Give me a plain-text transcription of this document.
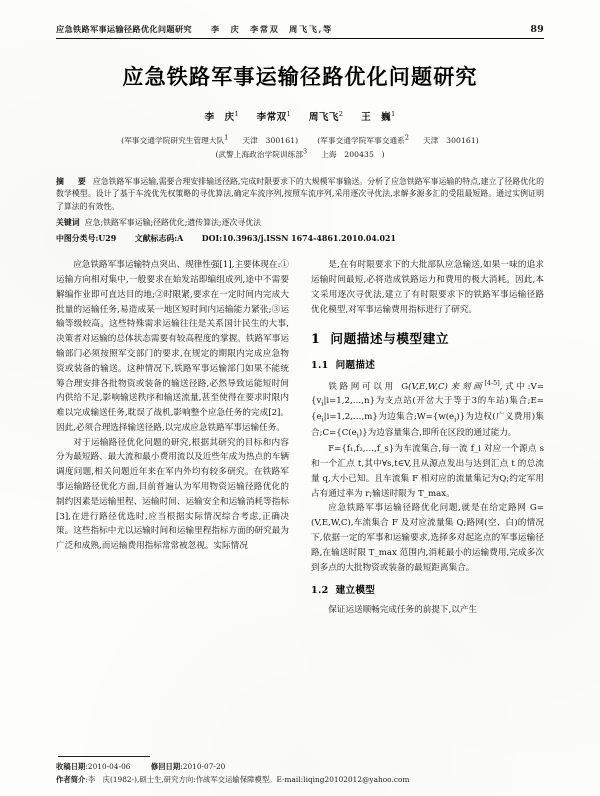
应急铁路军事运输径路优化问题研究 李　庆　李常双　周飞飞,等	89
应急铁路军事运输径路优化问题研究
李　庆$^1$ 李常双$^1$ 周飞飞$^2$ 王　巍$^1$
(军事交通学院研究生管理大队$^1$ 天津　300161)	(军事交通学院军事交通系$^2$ 天津　300161)
(武警上海政治学院训练部$^3$ 上海　200435　)
摘　要 应急铁路军事运输,需要合理安排输送径路,完成时限要求下的大规模军事输送。分析了应急铁路军事运输的特点,建立了径路优化的数学模型。设计了基于车流优先权策略的寻优算法,确定车流序列,按照车流序列,采用逐次寻优法,求解多源多汇的受阻最短路。通过实例证明了算法的有效性。
关键词 应急;铁路军事运输;径路优化;遗传算法;逐次寻优法
中图分类号:U29 文献标志码:A DOI:10.3963/j.ISSN 1674-4861.2010.04.021

应急铁路军事运输特点突出、规律性强[1],主要体现在:①运输方向相对集中,一般要求在始发站即编组成列,途中不需要解编作业即可直达目的地;②时限紧,要求在一定时间内完成大批量的运输任务,易造成某一地区短时间内运输能力紧张;③运输等级较高。这些特殊需求运输往往是关系国计民生的大事,决策者对运输的总体状态需要有较高程度的掌握。铁路军事运输部门必须按照军交部门的要求,在规定的期限内完成应急物资或装备的输送。这种情况下,铁路军事运输部门如果不能统筹合理安排各批物资或装备的输送径路,必然导致运能短时间内供给不足,影响输送秩序和输送流量,甚至使得在要求时限内难以完成输送任务,耽误了战机,影响整个应急任务的完成[2]。因此,必须合理选择输送径路,以完成应急铁路军事运输任务。

对于运输路径优化问题的研究,根据其研究的目标和内容分为最短路、最大流和最小费用流以及近些年成为热点的车辆调度问题,相关问题近年来在军内外均有较多研究。在铁路军事运输路径优化方面,目前普遍认为军用物资运输径路优化的制约因素是运输里程、运输时间、运输安全和运输消耗等指标[3],在进行路径优选时,应当根据实际情况综合考虑,正确决策。这些指标中尤以运输时间和运输里程指标方面的研究最为广泛和成熟,而运输费用指标常常被忽视。实际情况

是,在有时限要求下的大批部队应急输送,如果一味的追求运输时间最短,必将造成铁路运力和费用的极大消耗。因此,本文采用逐次寻优法,建立了有时限要求下的铁路军事运输径路优化模型,对军事运输费用指标进行了研究。

1 问题描述与模型建立
1.1 问题描述

铁路网可以用 G(V,E,W,C)来刻画[4-5],式中$:V=\{v_i|i=1,2,\dots,n\}$为支点站(开岔大于等于3的车站)集合$;E=\{e_i|i=1,2,\dots,m\}$为边集合$;W=\{w(e_i)\}$为边权(广义费用)集合$;C=\{C(e_i)\}$为边容量集合,即所在区段的通过能力。

F={f₁,f₂,…,f_s}为车流集合,每一流 f_i 对应一个源点 s 和一个汇点 t,其中∀s,t∈V,且从源点发出与达到汇点 t 的总流量 q,大小已知。且车流集 F 相对应的流量集记为Q;约定军用占有通过率为 r;输送时限为 T_max。

应急铁路军事运输径路优化问题,就是在给定路网 G=(V,E,W,C),车流集合 F 及对应流量集 Q;路网(空、白)的情况下,依据一定的军事和运输要求,选择多对起迄点的军事运输径路,在输送时限 T_max 范围内,消耗最小的运输费用,完成多次到多点的大批物资或装备的最短距离集合。

1.2 建立模型

保证运送顺畅完成任务的前提下,以产生

收稿日期:2010-04-06	修回日期:2010-07-20
作者简介:李　庆(1982-),硕士生,研究方向:作战军交运输保障模型。E-mail:liqing20102012@yahoo.com
